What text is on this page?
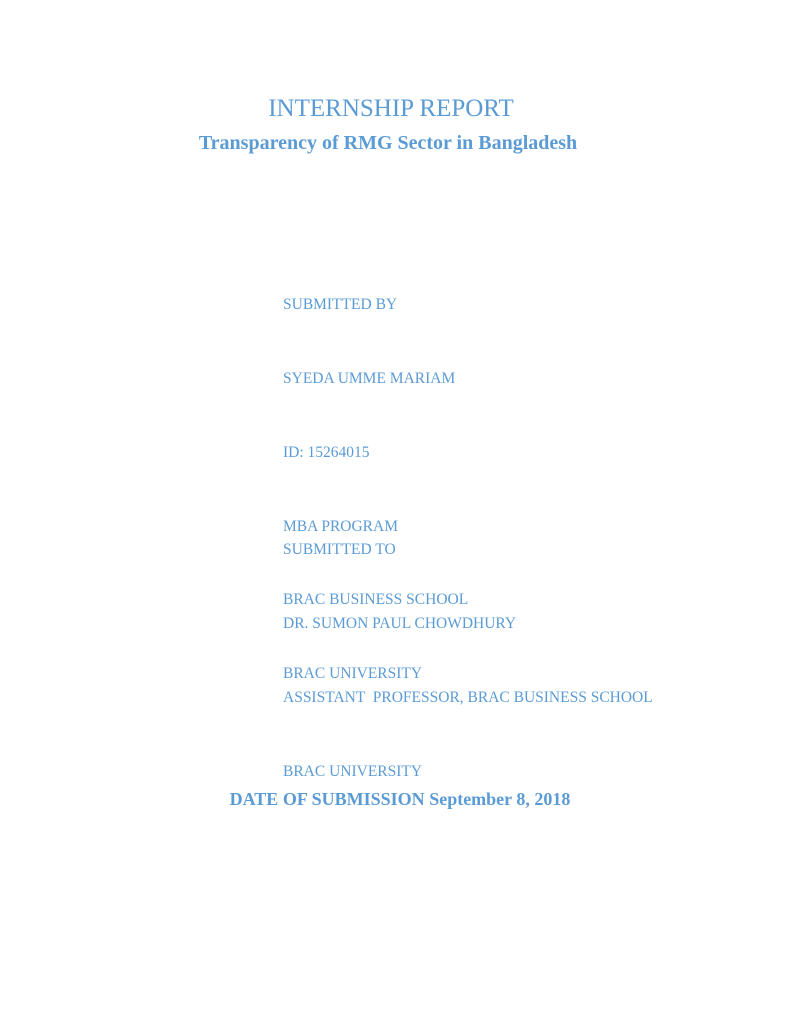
INTERNSHIP REPORT
Transparency of RMG Sector in Bangladesh

SUBMITTED BY

SYEDA UMME MARIAM

ID: 15264015

MBA PROGRAM

BRAC BUSINESS SCHOOL

BRAC UNIVERSITY

SUBMITTED TO

DR. SUMON PAUL CHOWDHURY

ASSISTANT  PROFESSOR, BRAC BUSINESS SCHOOL

BRAC UNIVERSITY

DATE OF SUBMISSION September 8, 2018
